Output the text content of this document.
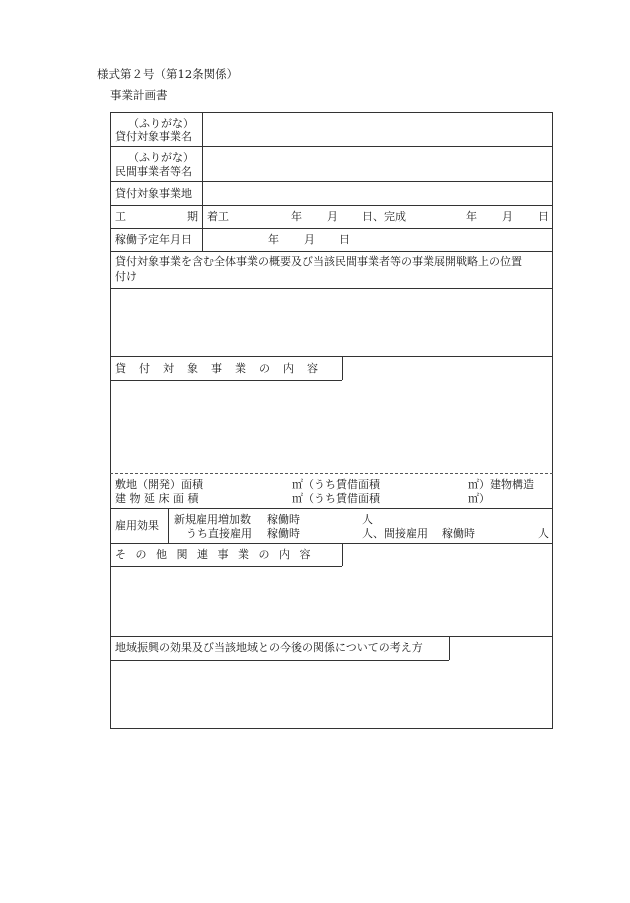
様式第２号（第12条関係）
事業計画書
（ふりがな）
貸付対象事業名
（ふりがな）
民間事業者等名
貸付対象事業地
工	期 着工	年 月 日、完成	年 月 日
稼働予定年月日	年 月 日
貸付対象事業を含む全体事業の概要及び当該民間事業者等の事業展開戦略上の位置
付け
貸付対象事業の内容
敷地（開発）面積	㎡（うち賃借面積	㎡）建物構造
建 物 延 床 面 積	㎡（うち賃借面積	㎡）
雇用効果 新規雇用増加数 稼働時	人
うち直接雇用 稼働時	人、間接雇用 稼働時	人
その他関連事業の内容
地域振興の効果及び当該地域との今後の関係についての考え方
